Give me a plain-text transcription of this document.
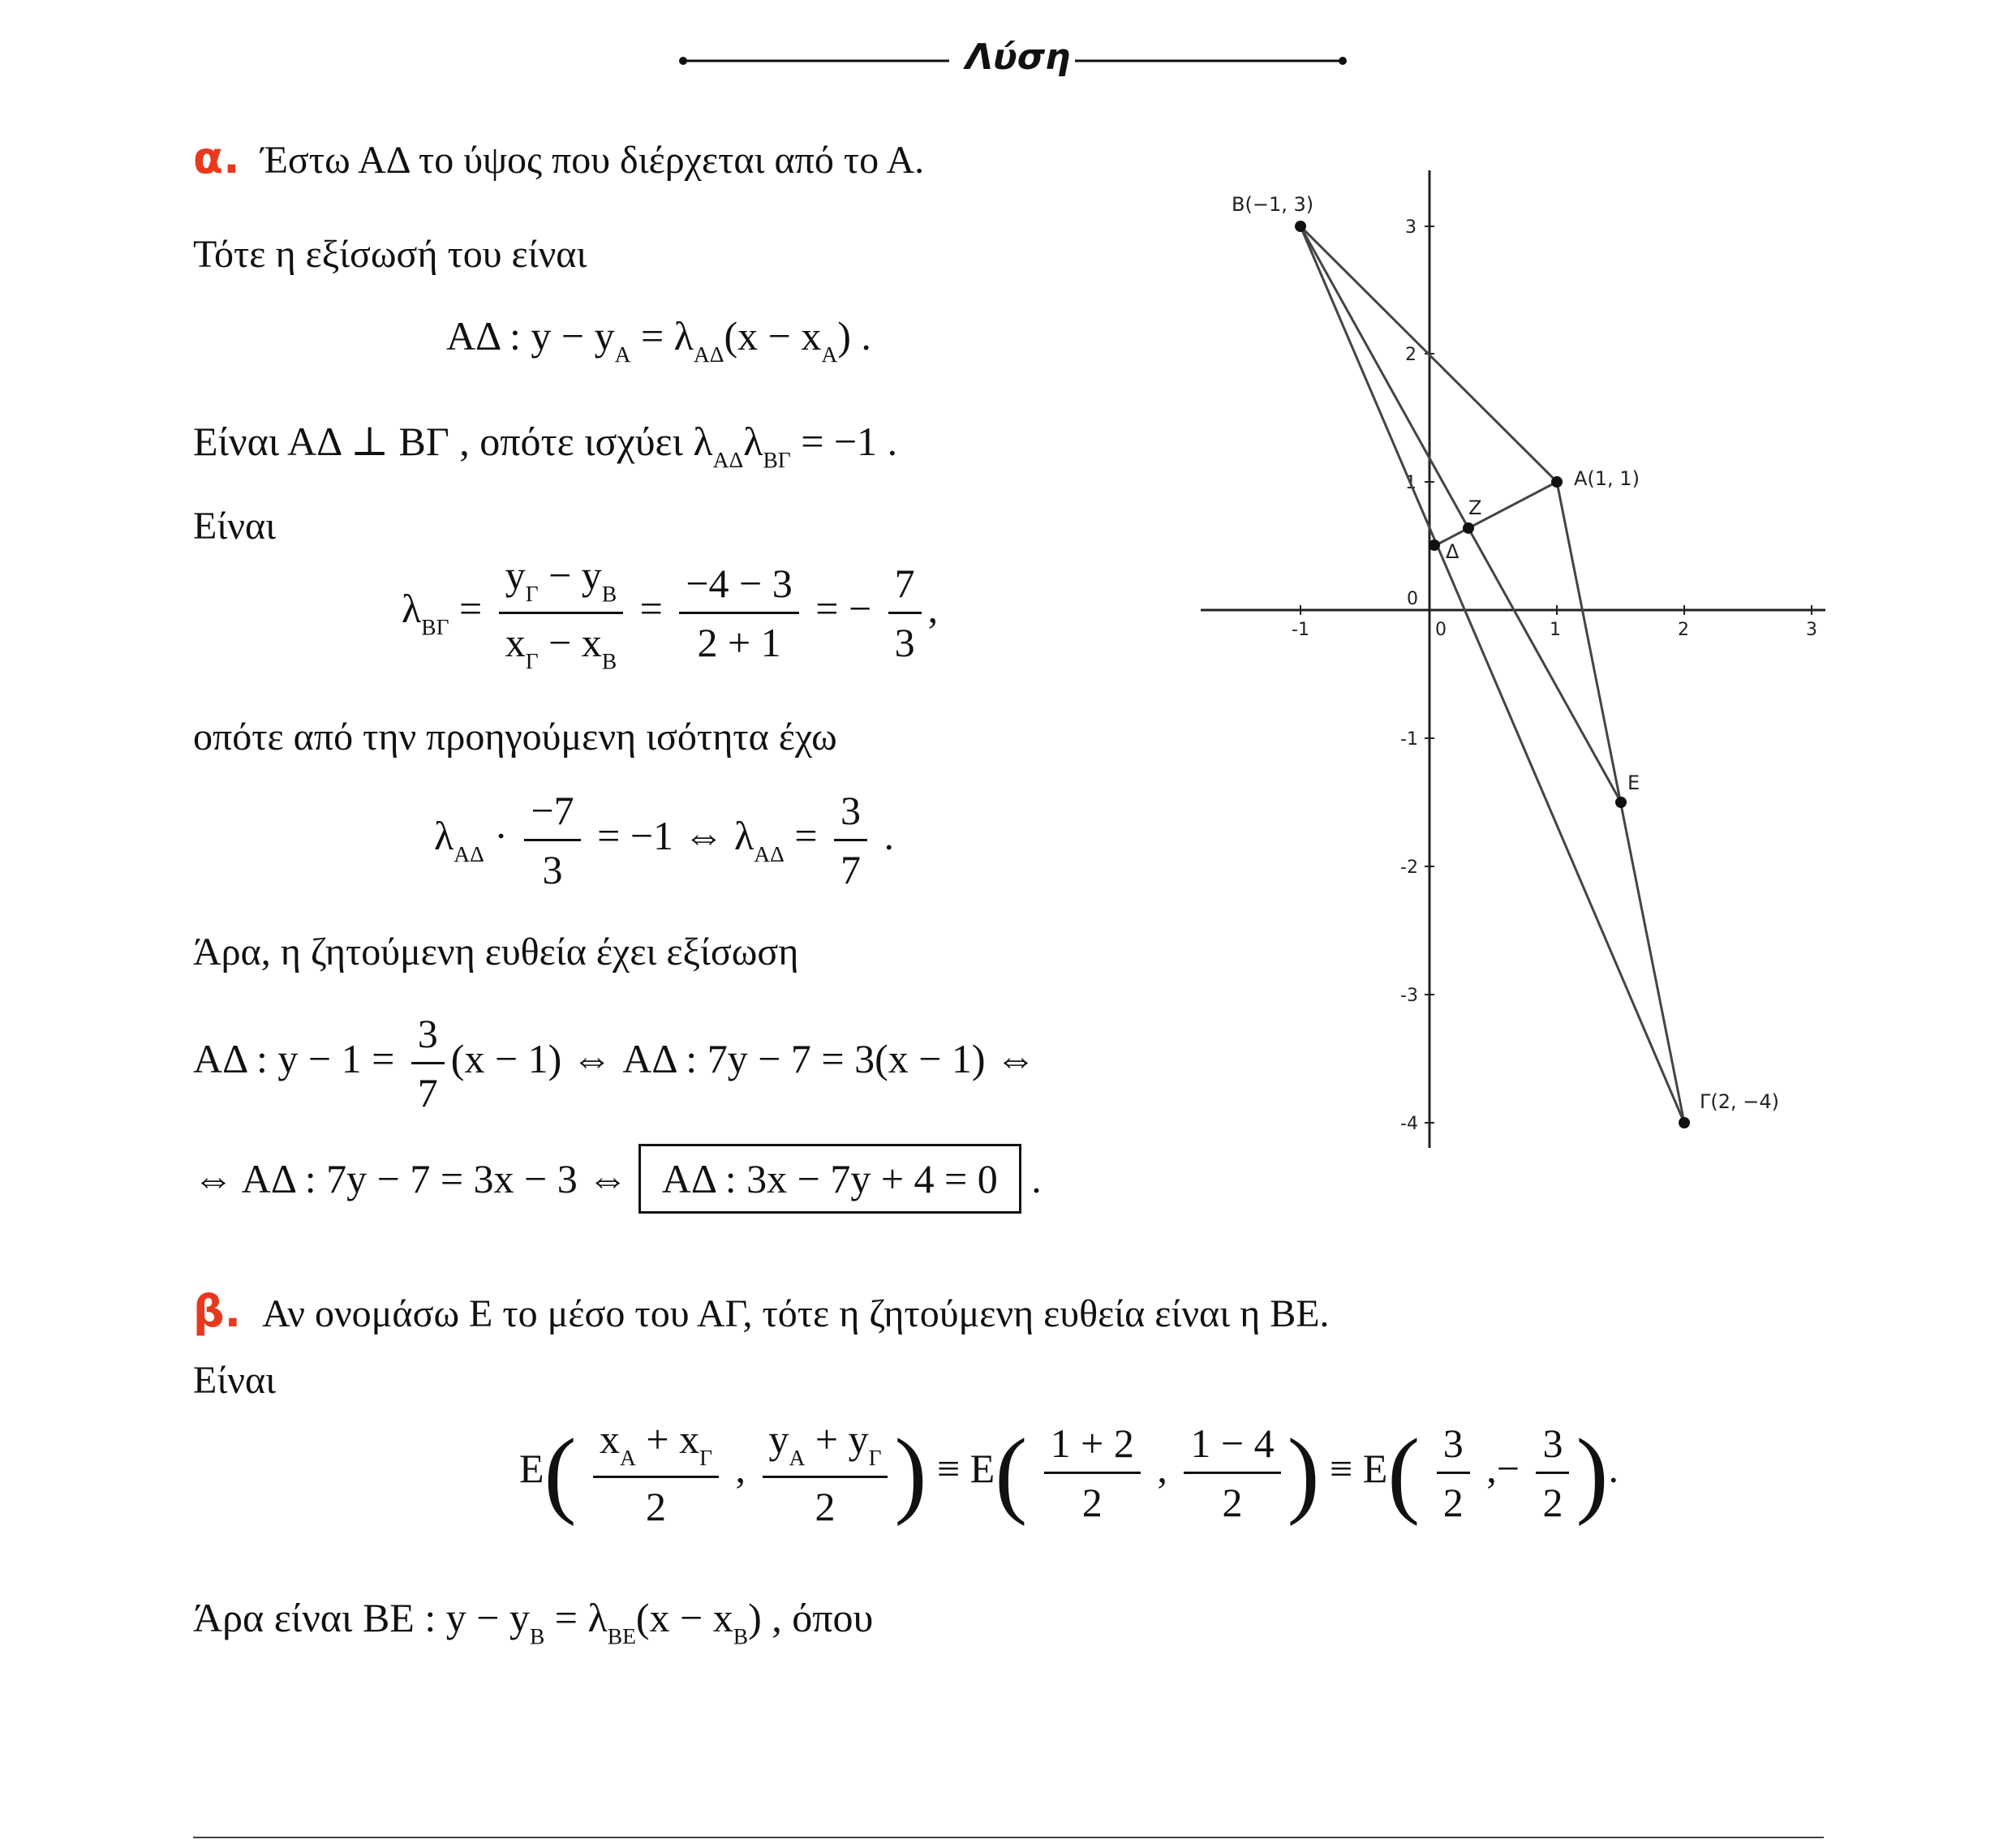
Λύση
α. Έστω ΑΔ το ύψος που διέρχεται από το Α.
Τότε η εξίσωσή του είναι
ΑΔ : $y - y_A = \lambda_{A\Delta}(x - x_A)$ .
Είναι ΑΔ ⊥ ΒΓ , οπότε ισχύει $\lambda_{A\Delta}\lambda_{B\Gamma} = -1$ .
Είναι
$\lambda_{B\Gamma} = \frac{y_\Gamma - y_B}{x_\Gamma - x_B} = \frac{-4 - 3}{2 + 1}$ = − $\frac{7}{3}$ ,
οπότε από την προηγούμενη ισότητα έχω
$\lambda_{A\Delta} \cdot \frac{-7}{3} = -1$ ⇔ $\lambda_{A\Delta} = \frac{3}{7}$ .
Άρα, η ζητούμενη ευθεία έχει εξίσωση
ΑΔ : $y - 1 = \frac{3}{7} (x - 1)$ ⇔ ΑΔ : 7y − 7 = 3(x − 1) ⇔
⇔ ΑΔ : 7y − 7 = 3x − 3 ⇔ ΑΔ : 3x − 7y + 4 = 0 .
β. Αν ονομάσω Ε το μέσο του ΑΓ, τότε η ζητούμενη ευθεία είναι η ΒΕ.
Είναι
$E( \frac{x_A + x_\Gamma}{2}$ , $\frac{y_A + y_\Gamma}{2}$ ) ≡ $E( \frac{1 + 2}{2}$ , $\frac{1 - 4}{2}$ ) ≡ $E( \frac{3}{2}$ ,− $\frac{3}{2}$ ).
Άρα είναι ΒΕ : $y - y_B = \lambda_{BE}(x - x_B)$ , όπου
-1	0	1	2	3
3
2
1
0
-1
-2
-3
-4
Β(−1, 3)
Α(1, 1)
Γ(2, −4)
Ε
Ζ
Δ
